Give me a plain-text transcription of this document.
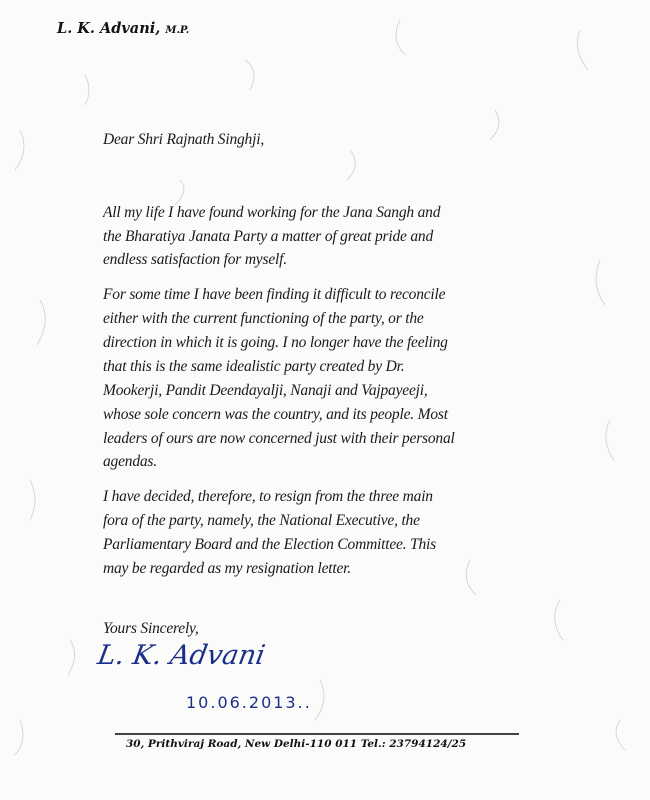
L. K. Advani, M.P.
Dear Shri Rajnath Singhji,
All my life I have found working for the Jana Sangh and
the Bharatiya Janata Party a matter of great pride and
endless satisfaction for myself.
For some time I have been finding it difficult to reconcile
either with the current functioning of the party, or the
direction in which it is going. I no longer have the feeling
that this is the same idealistic party created by Dr.
Mookerji, Pandit Deendayalji, Nanaji and Vajpayeeji,
whose sole concern was the country, and its people. Most
leaders of ours are now concerned just with their personal
agendas.
I have decided, therefore, to resign from the three main
fora of the party, namely, the National Executive, the
Parliamentary Board and the Election Committee. This
may be regarded as my resignation letter.
Yours Sincerely,
L. K. Advani
10.06.2013..
30, Prithviraj Road, New Delhi-110 011 Tel.: 23794124/25
